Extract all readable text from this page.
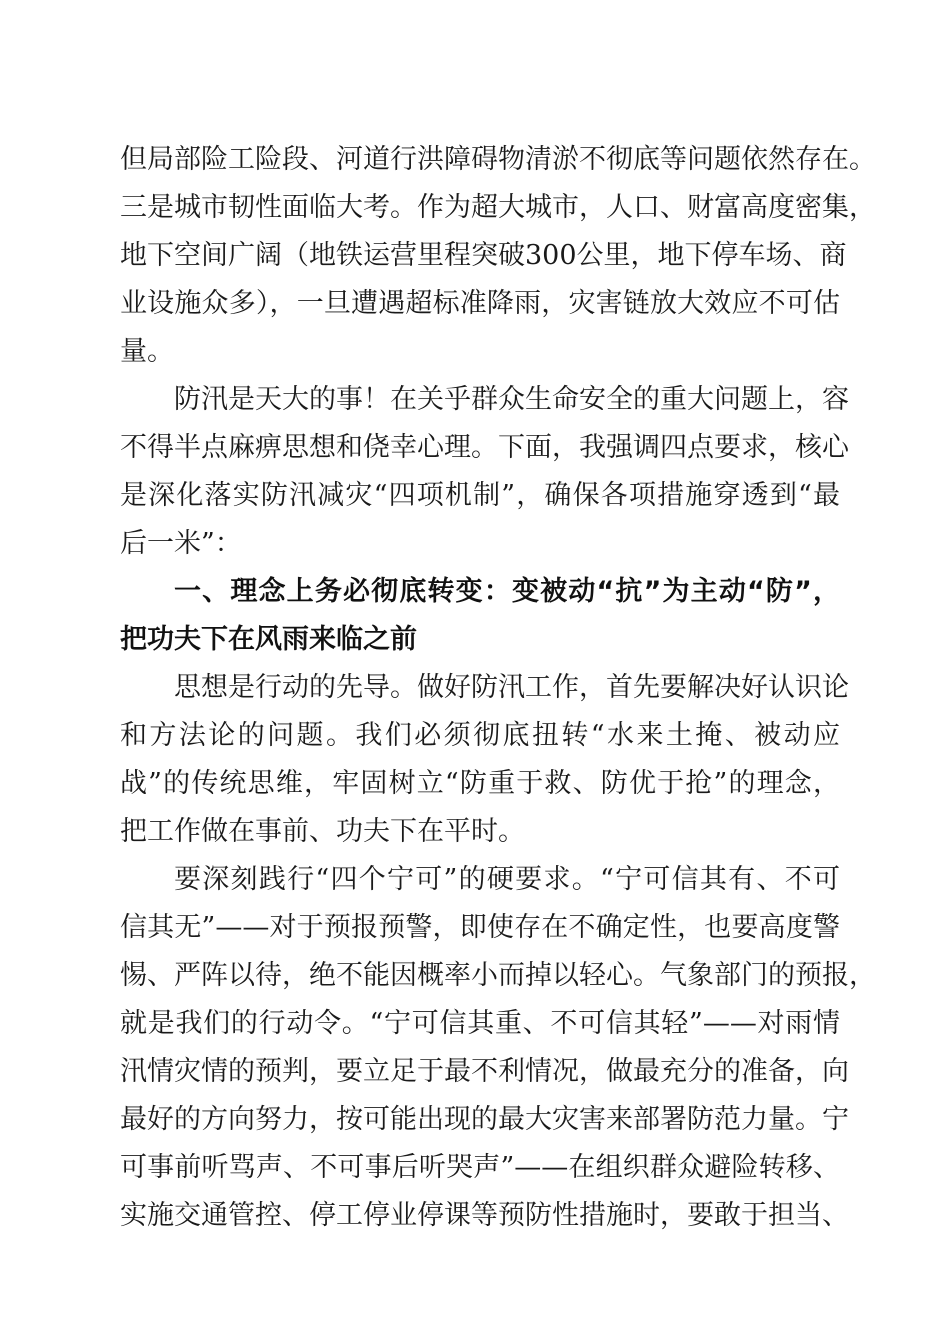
但局部险工险段、河道行洪障碍物清淤不彻底等问题依然存在。
三是城市韧性面临大考。作为超大城市，人口、财富高度密集，
地下空间广阔（地铁运营里程突破300公里，地下停车场、商
业设施众多），一旦遭遇超标准降雨，灾害链放大效应不可估
量。
防汛是天大的事！在关乎群众生命安全的重大问题上，容
不得半点麻痹思想和侥幸心理。下面，我强调四点要求，核心
是深化落实防汛减灾“四项机制”，确保各项措施穿透到“最
后一米”：
一、理念上务必彻底转变：变被动“抗”为主动“防”，
把功夫下在风雨来临之前
思想是行动的先导。做好防汛工作，首先要解决好认识论
和方法论的问题。我们必须彻底扭转“水来土掩、被动应
战”的传统思维，牢固树立“防重于救、防优于抢”的理念，
把工作做在事前、功夫下在平时。
要深刻践行“四个宁可”的硬要求。“宁可信其有、不可
信其无”——对于预报预警，即使存在不确定性，也要高度警
惕、严阵以待，绝不能因概率小而掉以轻心。气象部门的预报，
就是我们的行动令。“宁可信其重、不可信其轻”——对雨情
汛情灾情的预判，要立足于最不利情况，做最充分的准备，向
最好的方向努力，按可能出现的最大灾害来部署防范力量。宁
可事前听骂声、不可事后听哭声”——在组织群众避险转移、
实施交通管控、停工停业停课等预防性措施时，要敢于担当、
